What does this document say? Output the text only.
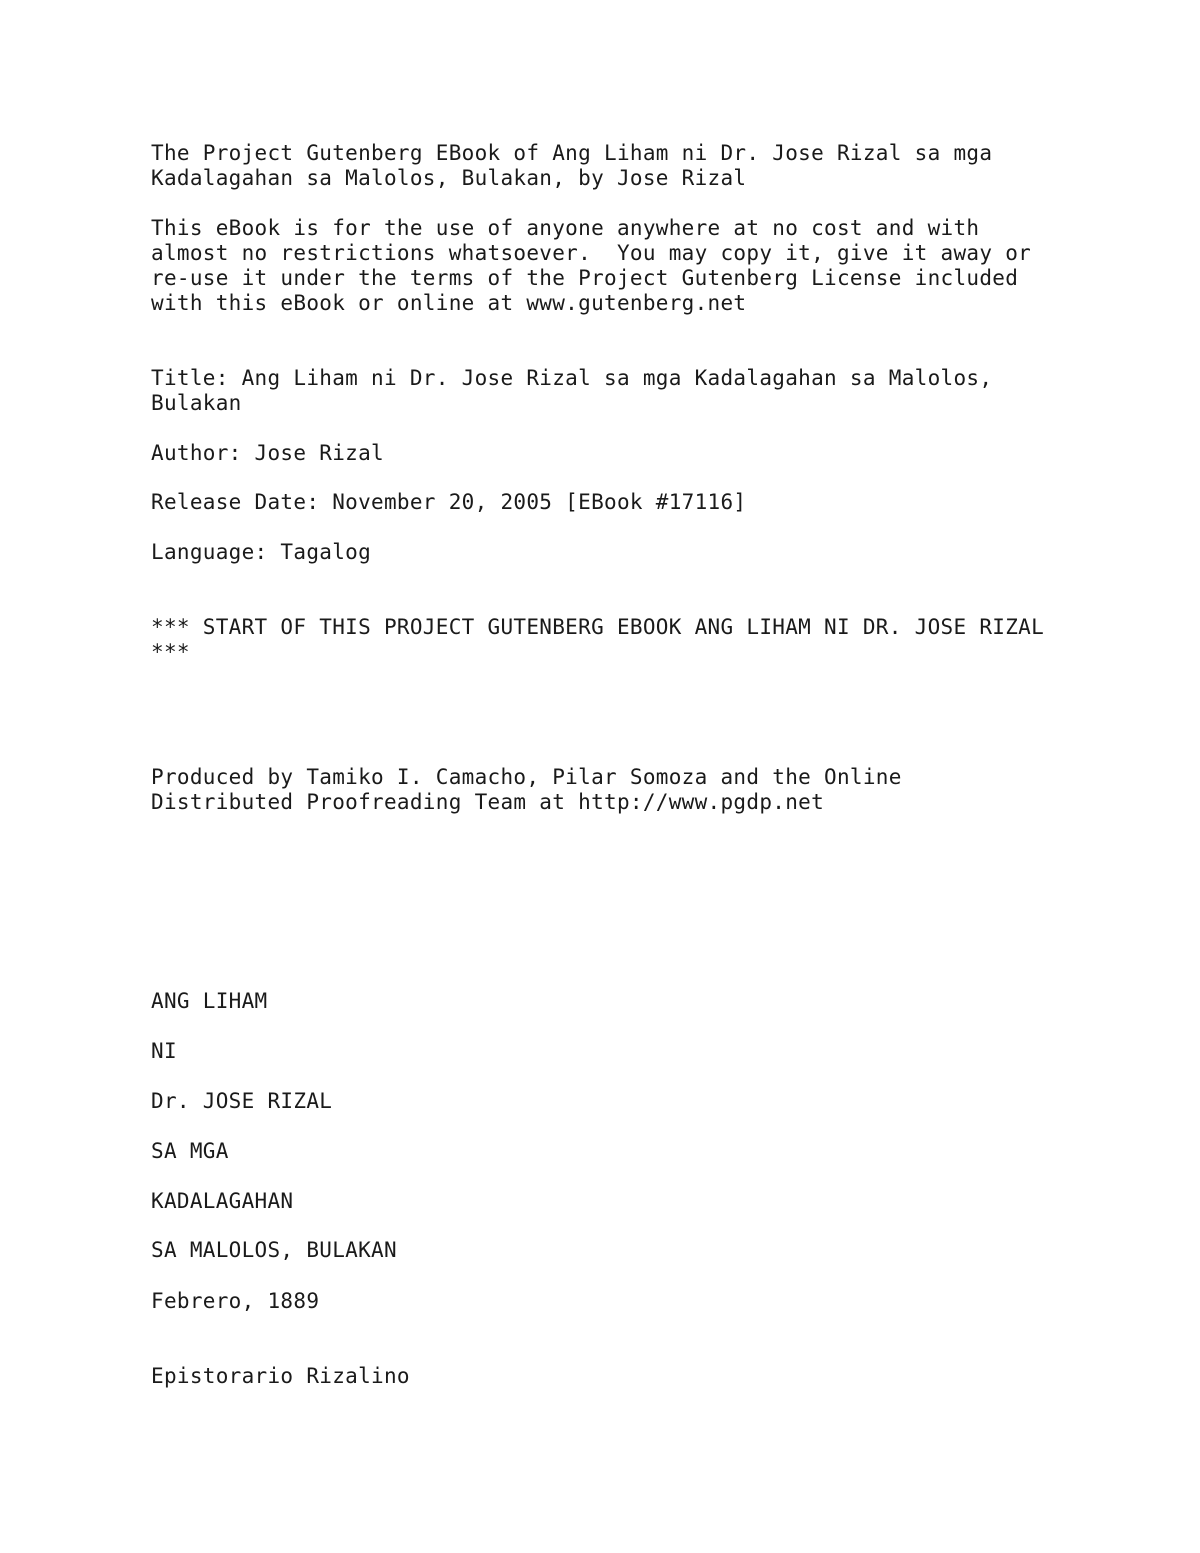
The Project Gutenberg EBook of Ang Liham ni Dr. Jose Rizal sa mga

Kadalagahan sa Malolos, Bulakan, by Jose Rizal

This eBook is for the use of anyone anywhere at no cost and with

almost no restrictions whatsoever.  You may copy it, give it away or

re-use it under the terms of the Project Gutenberg License included

with this eBook or online at www.gutenberg.net

Title: Ang Liham ni Dr. Jose Rizal sa mga Kadalagahan sa Malolos,

Bulakan

Author: Jose Rizal

Release Date: November 20, 2005 [EBook #17116]

Language: Tagalog

*** START OF THIS PROJECT GUTENBERG EBOOK ANG LIHAM NI DR. JOSE RIZAL

***

Produced by Tamiko I. Camacho, Pilar Somoza and the Online

Distributed Proofreading Team at http://www.pgdp.net

ANG LIHAM

NI

Dr. JOSE RIZAL

SA MGA

KADALAGAHAN

SA MALOLOS, BULAKAN

Febrero, 1889

Epistorario Rizalino
